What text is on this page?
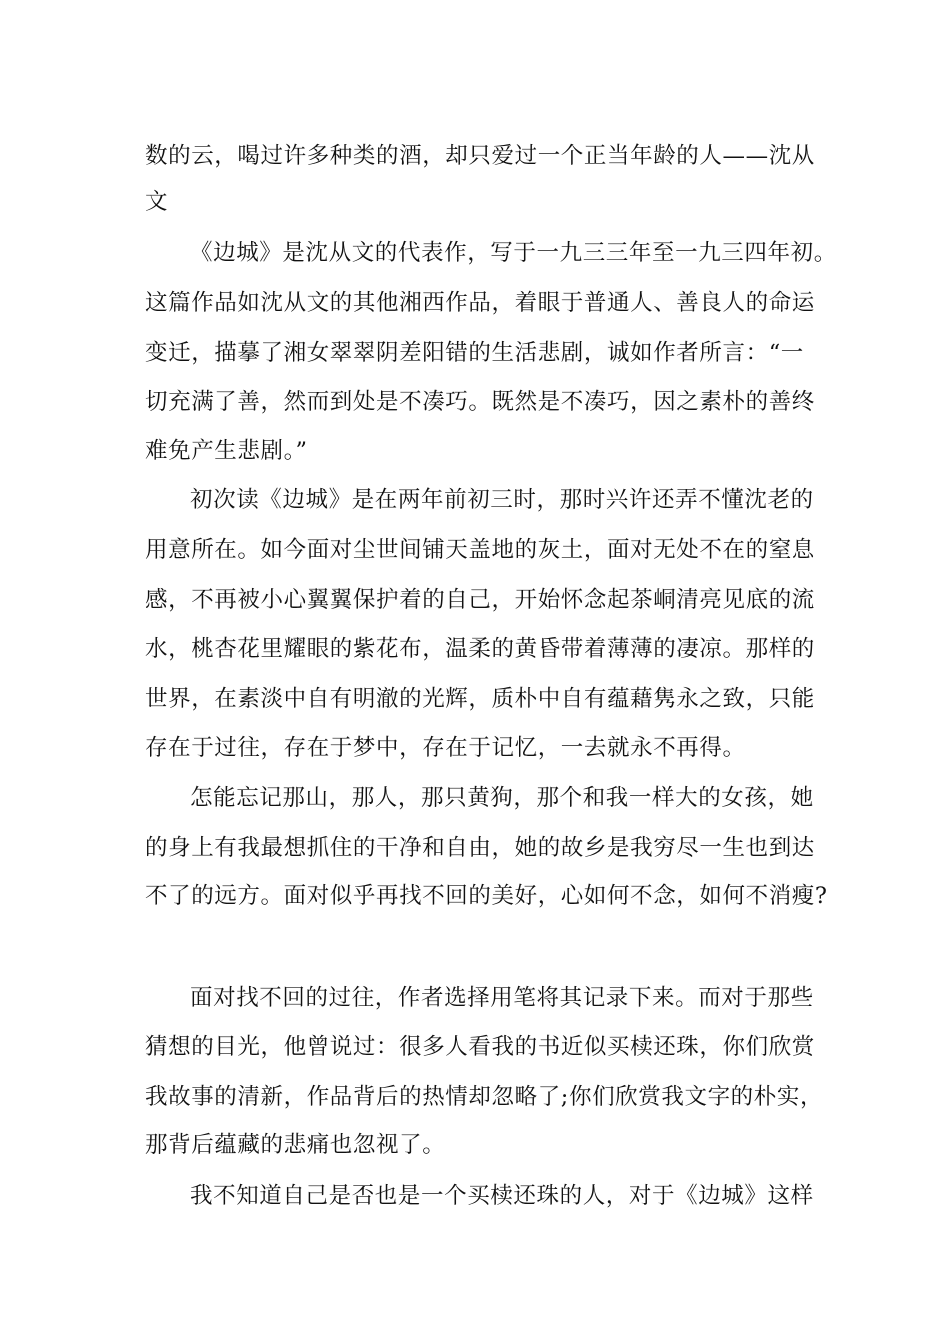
数的云，喝过许多种类的酒，却只爱过一个正当年龄的人——沈从
文
《边城》是沈从文的代表作，写于一九三三年至一九三四年初。
这篇作品如沈从文的其他湘西作品，着眼于普通人、善良人的命运
变迁，描摹了湘女翠翠阴差阳错的生活悲剧，诚如作者所言：“一
切充满了善，然而到处是不凑巧。既然是不凑巧，因之素朴的善终
难免产生悲剧。”
初次读《边城》是在两年前初三时，那时兴许还弄不懂沈老的
用意所在。如今面对尘世间铺天盖地的灰土，面对无处不在的窒息
感，不再被小心翼翼保护着的自己，开始怀念起茶峒清亮见底的流
水，桃杏花里耀眼的紫花布，温柔的黄昏带着薄薄的凄凉。那样的
世界，在素淡中自有明澈的光辉，质朴中自有蕴藉隽永之致，只能
存在于过往，存在于梦中，存在于记忆，一去就永不再得。
怎能忘记那山，那人，那只黄狗，那个和我一样大的女孩，她
的身上有我最想抓住的干净和自由，她的故乡是我穷尽一生也到达
不了的远方。面对似乎再找不回的美好，心如何不念，如何不消瘦?
面对找不回的过往，作者选择用笔将其记录下来。而对于那些
猜想的目光，他曾说过：很多人看我的书近似买椟还珠，你们欣赏
我故事的清新，作品背后的热情却忽略了;你们欣赏我文字的朴实，
那背后蕴藏的悲痛也忽视了。
我不知道自己是否也是一个买椟还珠的人，对于《边城》这样
